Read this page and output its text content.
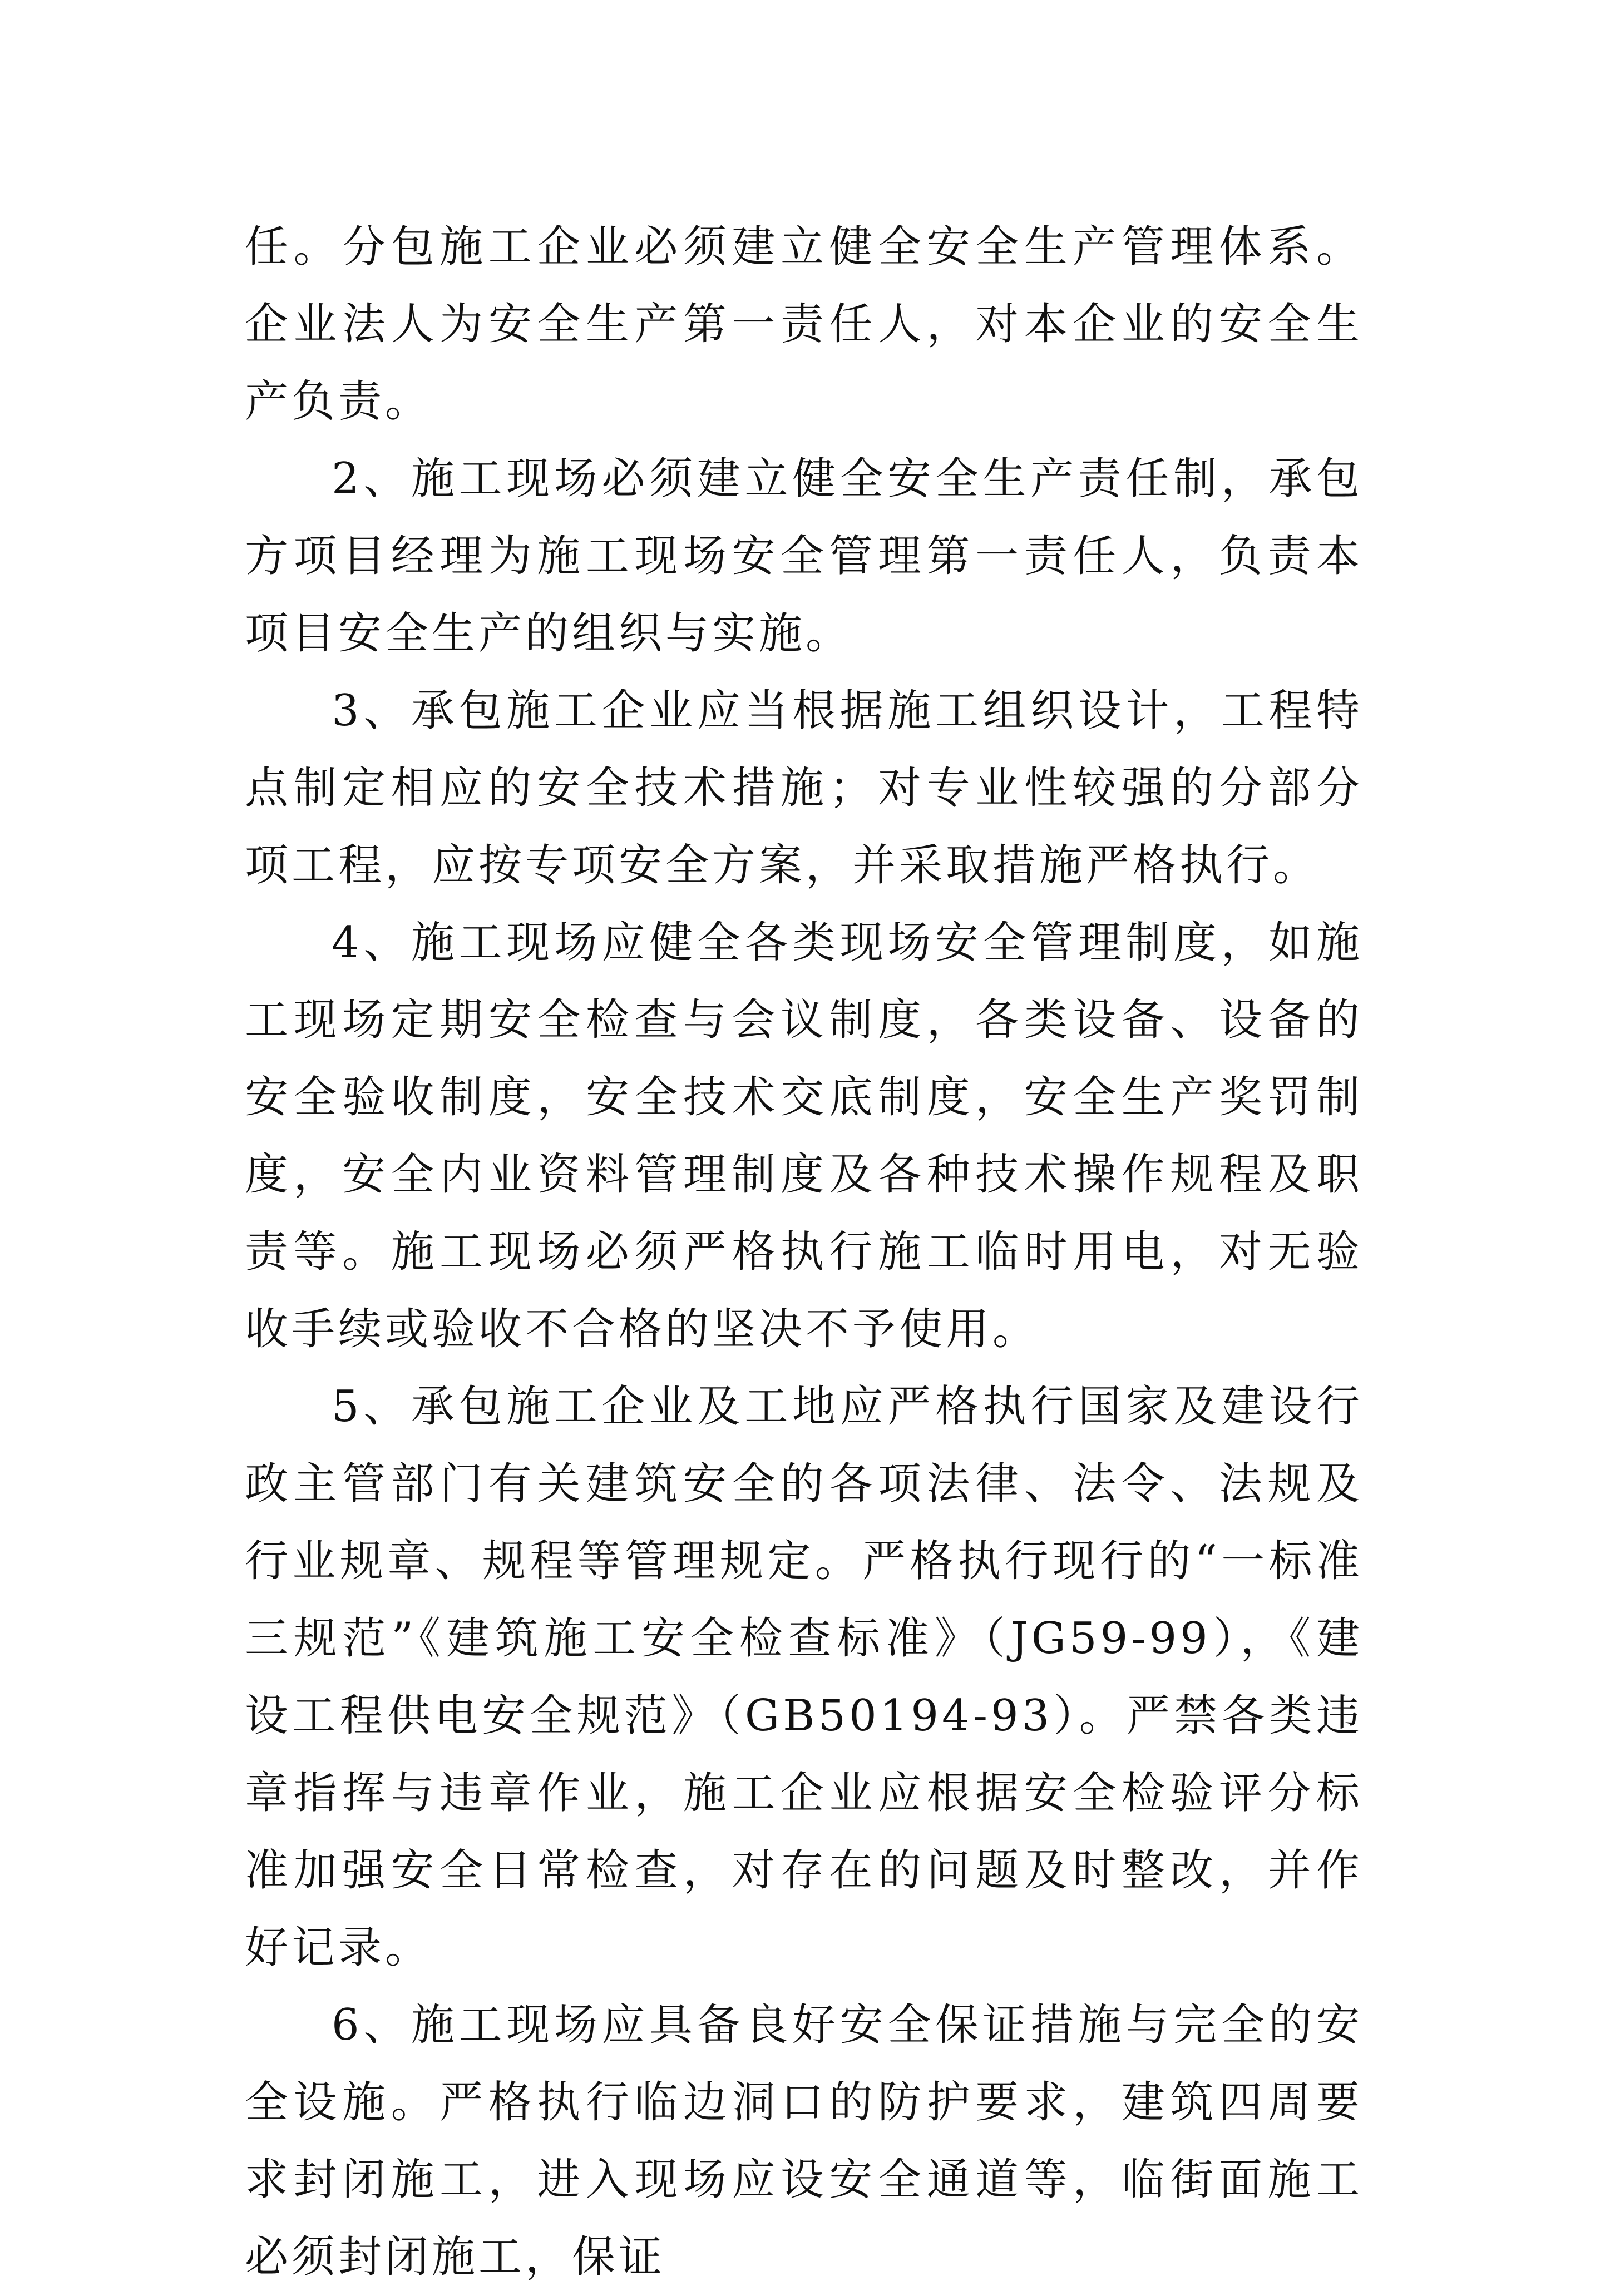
任。分包施工企业必须建立健全安全生产管理体系。企业法人为安全生产第一责任人，对本企业的安全生产负责。

2、施工现场必须建立健全安全生产责任制，承包方项目经理为施工现场安全管理第一责任人，负责本项目安全生产的组织与实施。

3、承包施工企业应当根据施工组织设计，工程特点制定相应的安全技术措施；对专业性较强的分部分项工程，应按专项安全方案，并采取措施严格执行。

4、施工现场应健全各类现场安全管理制度，如施工现场定期安全检查与会议制度，各类设备、设备的安全验收制度，安全技术交底制度，安全生产奖罚制度，安全内业资料管理制度及各种技术操作规程及职责等。施工现场必须严格执行施工临时用电，对无验收手续或验收不合格的坚决不予使用。

5、承包施工企业及工地应严格执行国家及建设行政主管部门有关建筑安全的各项法律、法令、法规及行业规章、规程等管理规定。严格执行现行的“一标准三规范”《建筑施工安全检查标准》（JG59-99），《建设工程供电安全规范》（GB50194-93）。严禁各类违章指挥与违章作业，施工企业应根据安全检验评分标准加强安全日常检查，对存在的问题及时整改，并作好记录。

6、施工现场应具备良好安全保证措施与完全的安全设施。严格执行临边洞口的防护要求，建筑四周要求封闭施工，进入现场应设安全通道等，临街面施工必须封闭施工，保证
